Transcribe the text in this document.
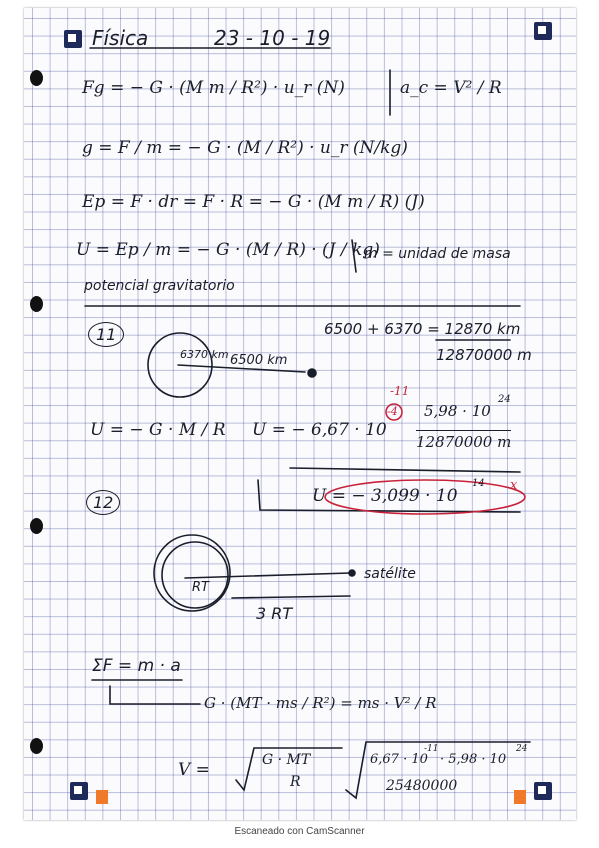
Física	23 - 10 - 19
Fg = − G · (M m / R²) · u_r (N)	a_c = V² / R
g = F / m = − G · (M / R²) · u_r (N/kg)
Ep = F · dr = F · R = − G · (M m / R) (J)
U = Ep / m = − G · (M / R) · (J / kg)
m = unidad de masa
potencial gravitatorio
11	6500 + 6370 = 12870 km
12870000 m
6370 km 6500 km
U = − G · M / R U = − 6,67 · 10
-4
-11
5,98 · 10
24
12870000 m
U = − 3,099 · 10
14 x
12
RT
satélite
3 RT
ΣF = m · a
G · (MT · ms / R²) = ms · V² / R
V =	G · MT
R
6,67 · 10
-11
· 5,98 · 10
24
25480000
Escaneado con CamScanner
